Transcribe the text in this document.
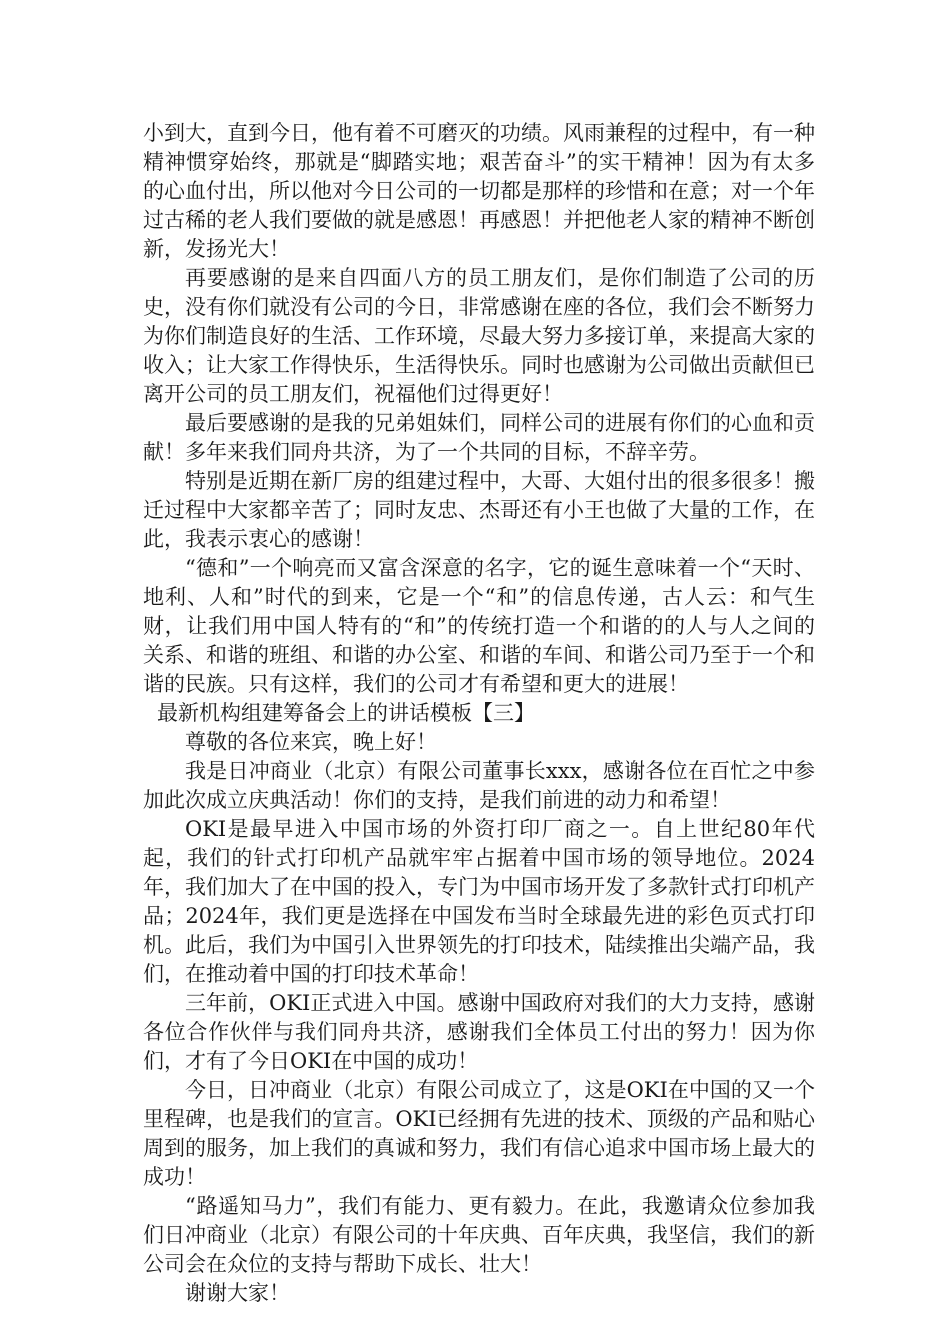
小到大，直到今日，他有着不可磨灭的功绩。风雨兼程的过程中，有一种精神惯穿始终，那就是“脚踏实地；艰苦奋斗”的实干精神！因为有太多的心血付出，所以他对今日公司的一切都是那样的珍惜和在意；对一个年过古稀的老人我们要做的就是感恩！再感恩！并把他老人家的精神不断创新，发扬光大！

再要感谢的是来自四面八方的员工朋友们，是你们制造了公司的历史，没有你们就没有公司的今日，非常感谢在座的各位，我们会不断努力为你们制造良好的生活、工作环境，尽最大努力多接订单，来提高大家的收入；让大家工作得快乐，生活得快乐。同时也感谢为公司做出贡献但已离开公司的员工朋友们，祝福他们过得更好！

最后要感谢的是我的兄弟姐妹们，同样公司的进展有你们的心血和贡献！多年来我们同舟共济，为了一个共同的目标，不辞辛劳。

特别是近期在新厂房的组建过程中，大哥、大姐付出的很多很多！搬迁过程中大家都辛苦了；同时友忠、杰哥还有小王也做了大量的工作，在此，我表示衷心的感谢！

“德和”一个响亮而又富含深意的名字，它的诞生意味着一个“天时、地利、人和”时代的到来，它是一个“和”的信息传递，古人云：和气生财，让我们用中国人特有的“和”的传统打造一个和谐的的人与人之间的关系、和谐的班组、和谐的办公室、和谐的车间、和谐公司乃至于一个和谐的民族。只有这样，我们的公司才有希望和更大的进展！

最新机构组建筹备会上的讲话模板【三】

尊敬的各位来宾，晚上好！

我是日冲商业（北京）有限公司董事长xxx，感谢各位在百忙之中参加此次成立庆典活动！你们的支持，是我们前进的动力和希望！

OKI是最早进入中国市场的外资打印厂商之一。自上世纪80年代起，我们的针式打印机产品就牢牢占据着中国市场的领导地位。2024年，我们加大了在中国的投入，专门为中国市场开发了多款针式打印机产品；2024年，我们更是选择在中国发布当时全球最先进的彩色页式打印机。此后，我们为中国引入世界领先的打印技术，陆续推出尖端产品，我们，在推动着中国的打印技术革命！

三年前，OKI正式进入中国。感谢中国政府对我们的大力支持，感谢各位合作伙伴与我们同舟共济，感谢我们全体员工付出的努力！因为你们，才有了今日OKI在中国的成功！

今日，日冲商业（北京）有限公司成立了，这是OKI在中国的又一个里程碑，也是我们的宣言。OKI已经拥有先进的技术、顶级的产品和贴心周到的服务，加上我们的真诚和努力，我们有信心追求中国市场上最大的成功！

“路遥知马力”，我们有能力、更有毅力。在此，我邀请众位参加我们日冲商业（北京）有限公司的十年庆典、百年庆典，我坚信，我们的新公司会在众位的支持与帮助下成长、壮大！

谢谢大家！
